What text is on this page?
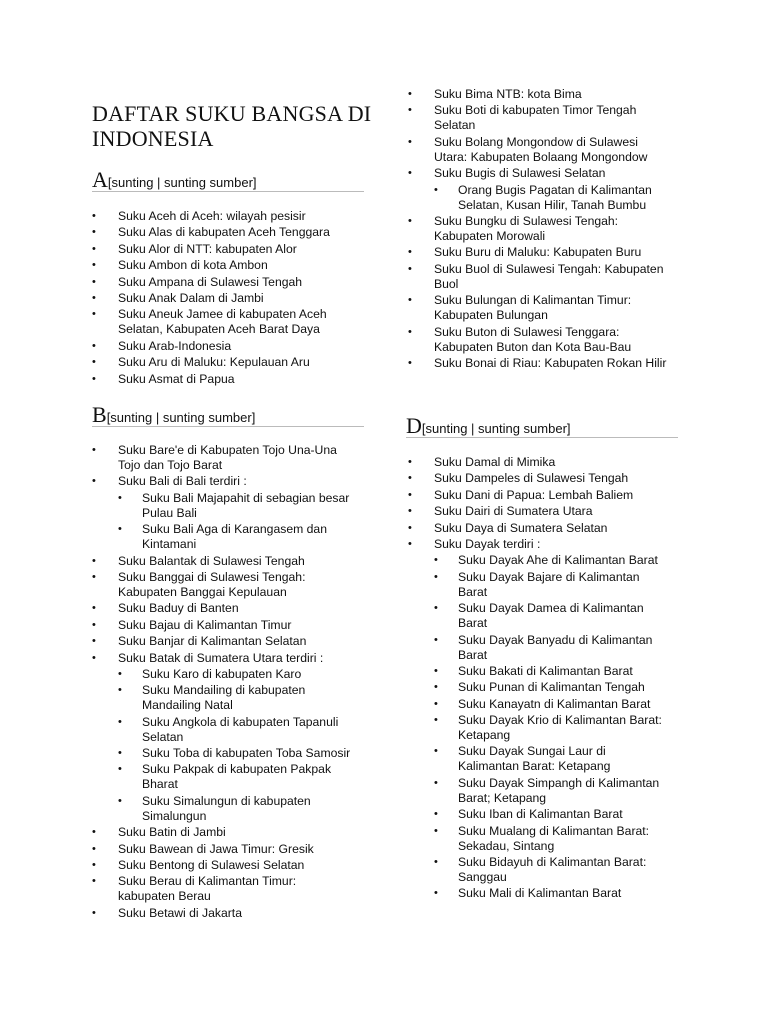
DAFTAR SUKU BANGSA DI INDONESIA
A[sunting | sunting sumber]
• Suku Aceh di Aceh: wilayah pesisir
• Suku Alas di kabupaten Aceh Tenggara
• Suku Alor di NTT: kabupaten Alor
• Suku Ambon di kota Ambon
• Suku Ampana di Sulawesi Tengah
• Suku Anak Dalam di Jambi
• Suku Aneuk Jamee di kabupaten Aceh Selatan, Kabupaten Aceh Barat Daya
• Suku Arab-Indonesia
• Suku Aru di Maluku: Kepulauan Aru
• Suku Asmat di Papua
B[sunting | sunting sumber]
• Suku Bare'e di Kabupaten Tojo Una-Una Tojo dan Tojo Barat
• Suku Bali di Bali terdiri :
• Suku Bali Majapahit di sebagian besar Pulau Bali
• Suku Bali Aga di Karangasem dan Kintamani
• Suku Balantak di Sulawesi Tengah
• Suku Banggai di Sulawesi Tengah: Kabupaten Banggai Kepulauan
• Suku Baduy di Banten
• Suku Bajau di Kalimantan Timur
• Suku Banjar di Kalimantan Selatan
• Suku Batak di Sumatera Utara terdiri :
• Suku Karo di kabupaten Karo
• Suku Mandailing di kabupaten Mandailing Natal
• Suku Angkola di kabupaten Tapanuli Selatan
• Suku Toba di kabupaten Toba Samosir
• Suku Pakpak di kabupaten Pakpak Bharat
• Suku Simalungun di kabupaten Simalungun
• Suku Batin di Jambi
• Suku Bawean di Jawa Timur: Gresik
• Suku Bentong di Sulawesi Selatan
• Suku Berau di Kalimantan Timur: kabupaten Berau
• Suku Betawi di Jakarta
• Suku Bima NTB: kota Bima
• Suku Boti di kabupaten Timor Tengah Selatan
• Suku Bolang Mongondow di Sulawesi Utara: Kabupaten Bolaang Mongondow
• Suku Bugis di Sulawesi Selatan
• Orang Bugis Pagatan di Kalimantan Selatan, Kusan Hilir, Tanah Bumbu
• Suku Bungku di Sulawesi Tengah: Kabupaten Morowali
• Suku Buru di Maluku: Kabupaten Buru
• Suku Buol di Sulawesi Tengah: Kabupaten Buol
• Suku Bulungan di Kalimantan Timur: Kabupaten Bulungan
• Suku Buton di Sulawesi Tenggara: Kabupaten Buton dan Kota Bau-Bau
• Suku Bonai di Riau: Kabupaten Rokan Hilir
D[sunting | sunting sumber]
• Suku Damal di Mimika
• Suku Dampeles di Sulawesi Tengah
• Suku Dani di Papua: Lembah Baliem
• Suku Dairi di Sumatera Utara
• Suku Daya di Sumatera Selatan
• Suku Dayak terdiri :
• Suku Dayak Ahe di Kalimantan Barat
• Suku Dayak Bajare di Kalimantan Barat
• Suku Dayak Damea di Kalimantan Barat
• Suku Dayak Banyadu di Kalimantan Barat
• Suku Bakati di Kalimantan Barat
• Suku Punan di Kalimantan Tengah
• Suku Kanayatn di Kalimantan Barat
• Suku Dayak Krio di Kalimantan Barat: Ketapang
• Suku Dayak Sungai Laur di Kalimantan Barat: Ketapang
• Suku Dayak Simpangh di Kalimantan Barat; Ketapang
• Suku Iban di Kalimantan Barat
• Suku Mualang di Kalimantan Barat: Sekadau, Sintang
• Suku Bidayuh di Kalimantan Barat: Sanggau
• Suku Mali di Kalimantan Barat
